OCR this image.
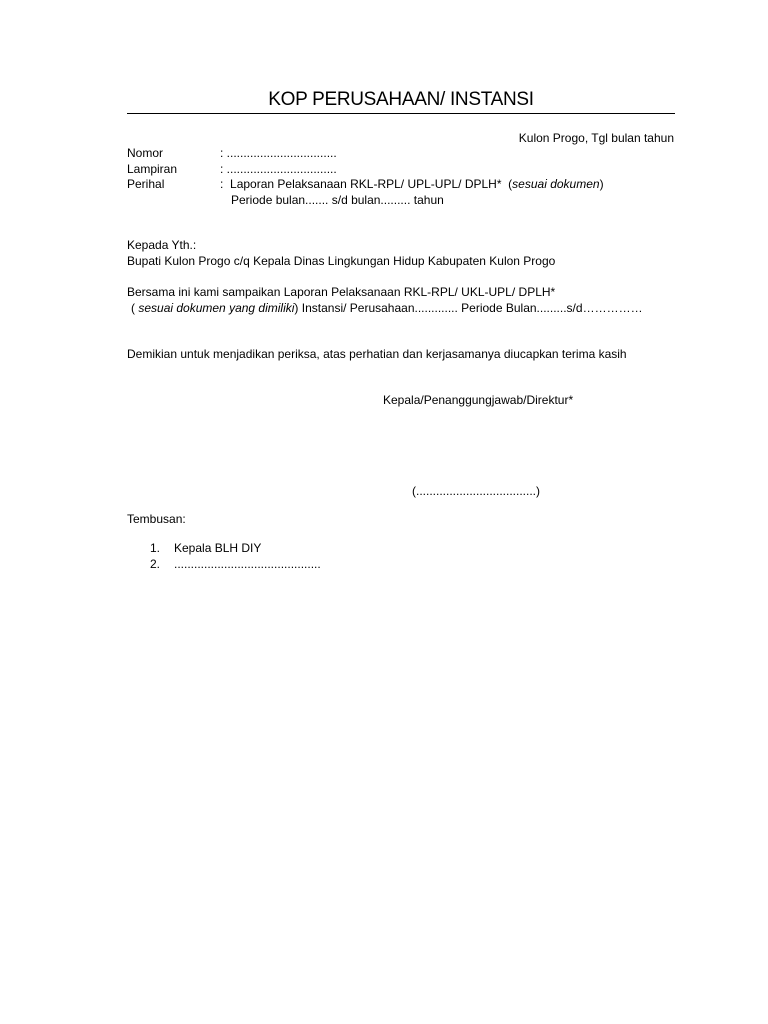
KOP PERUSAHAAN/ INSTANSI
Kulon Progo, Tgl bulan tahun
Nomor	: .................................
Lampiran	: .................................
Perihal	: Laporan Pelaksanaan RKL-RPL/ UPL-UPL/ DPLH* (sesuai dokumen)
Periode bulan....... s/d bulan......... tahun
Kepada Yth.:
Bupati Kulon Progo c/q Kepala Dinas Lingkungan Hidup Kabupaten Kulon Progo
Bersama ini kami sampaikan Laporan Pelaksanaan RKL-RPL/ UKL-UPL/ DPLH*
( sesuai dokumen yang dimiliki) Instansi/ Perusahaan............. Periode Bulan.........s/d……………
Demikian untuk menjadikan periksa, atas perhatian dan kerjasamanya diucapkan terima kasih
Kepala/Penanggungjawab/Direktur*
(....................................)
Tembusan:
1. Kepala BLH DIY
2. ............................................
